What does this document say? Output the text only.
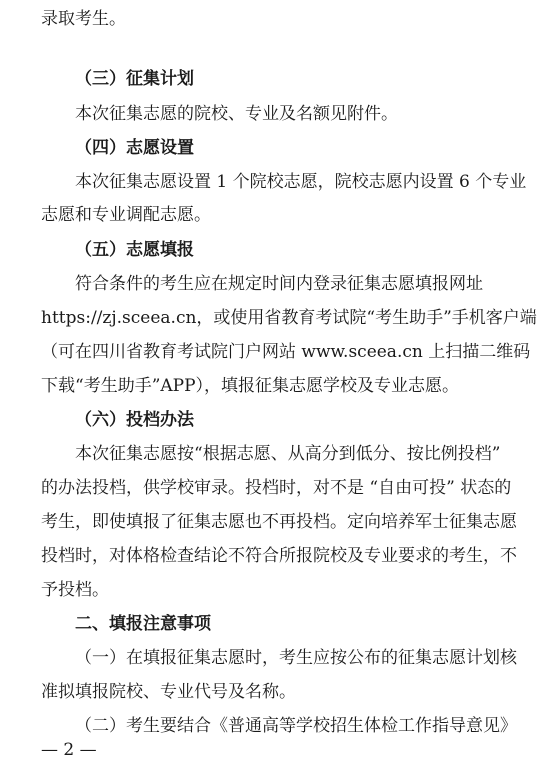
录取考生。
（三）征集计划
本次征集志愿的院校、专业及名额见附件。
（四）志愿设置
本次征集志愿设置 1 个院校志愿，院校志愿内设置 6 个专业
志愿和专业调配志愿。
（五）志愿填报
符合条件的考生应在规定时间内登录征集志愿填报网址
https://zj.sceea.cn，或使用省教育考试院“考生助手”手机客户端
（可在四川省教育考试院门户网站 www.sceea.cn 上扫描二维码
下载“考生助手”APP），填报征集志愿学校及专业志愿。
（六）投档办法
本次征集志愿按“根据志愿、从高分到低分、按比例投档”
的办法投档，供学校审录。投档时，对不是 “自由可投” 状态的
考生，即使填报了征集志愿也不再投档。定向培养军士征集志愿
投档时，对体格检查结论不符合所报院校及专业要求的考生，不
予投档。
二、填报注意事项
（一）在填报征集志愿时，考生应按公布的征集志愿计划核
准拟填报院校、专业代号及名称。
（二）考生要结合《普通高等学校招生体检工作指导意见》
— 2 —
